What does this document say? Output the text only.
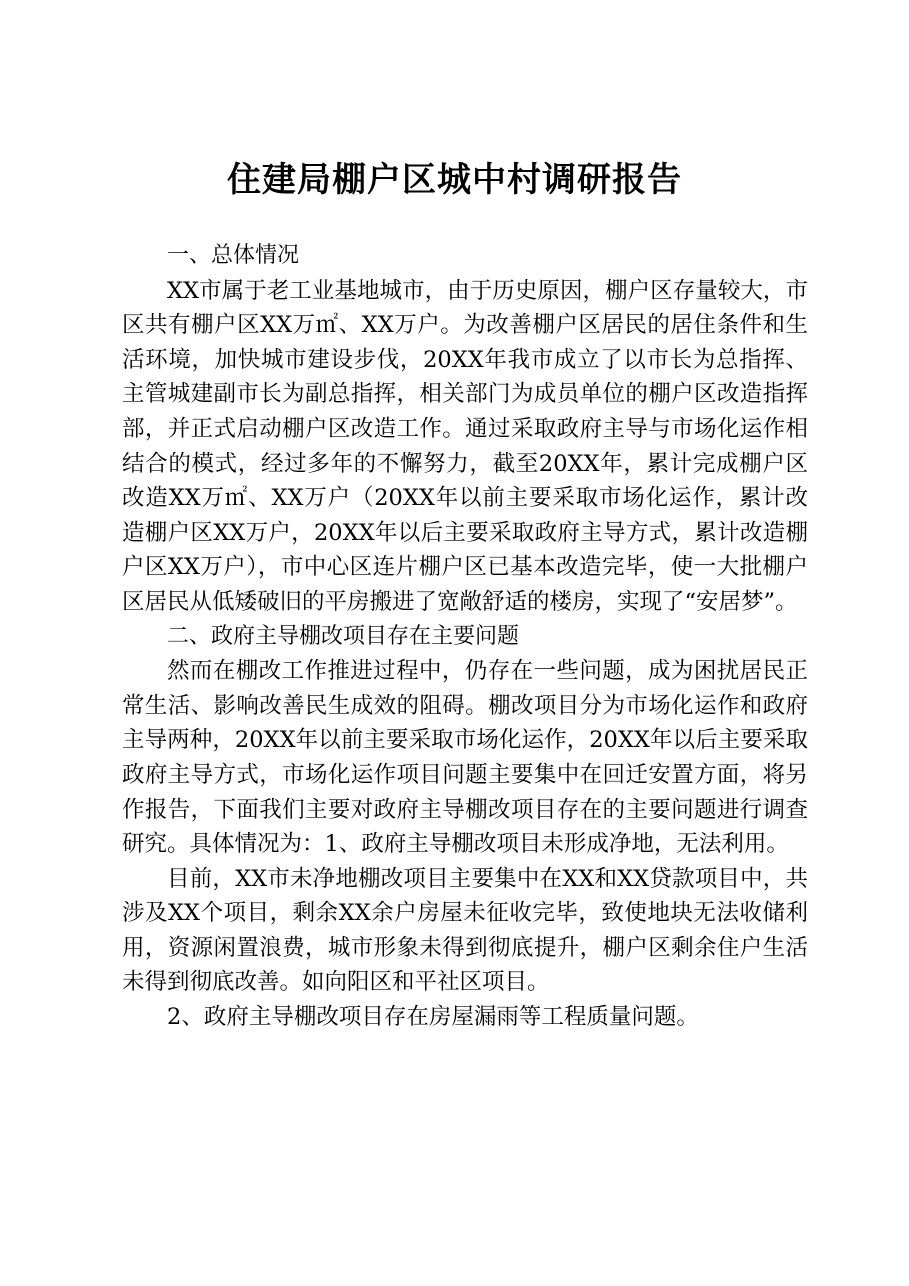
住建局棚户区城中村调研报告
一、总体情况

XX市属于老工业基地城市，由于历史原因，棚户区存量较大，市区共有棚户区XX万㎡、XX万户。为改善棚户区居民的居住条件和生活环境，加快城市建设步伐，20XX年我市成立了以市长为总指挥、主管城建副市长为副总指挥，相关部门为成员单位的棚户区改造指挥部，并正式启动棚户区改造工作。通过采取政府主导与市场化运作相结合的模式，经过多年的不懈努力，截至20XX年，累计完成棚户区改造XX万㎡、XX万户（20XX年以前主要采取市场化运作，累计改造棚户区XX万户，20XX年以后主要采取政府主导方式，累计改造棚户区XX万户），市中心区连片棚户区已基本改造完毕，使一大批棚户区居民从低矮破旧的平房搬进了宽敞舒适的楼房，实现了“安居梦”。

二、政府主导棚改项目存在主要问题

然而在棚改工作推进过程中，仍存在一些问题，成为困扰居民正常生活、影响改善民生成效的阻碍。棚改项目分为市场化运作和政府主导两种，20XX年以前主要采取市场化运作，20XX年以后主要采取政府主导方式，市场化运作项目问题主要集中在回迁安置方面，将另作报告，下面我们主要对政府主导棚改项目存在的主要问题进行调查研究。具体情况为：1、政府主导棚改项目未形成净地，无法利用。

目前，XX市未净地棚改项目主要集中在XX和XX贷款项目中，共涉及XX个项目，剩余XX余户房屋未征收完毕，致使地块无法收储利用，资源闲置浪费，城市形象未得到彻底提升，棚户区剩余住户生活未得到彻底改善。如向阳区和平社区项目。

2、政府主导棚改项目存在房屋漏雨等工程质量问题。
